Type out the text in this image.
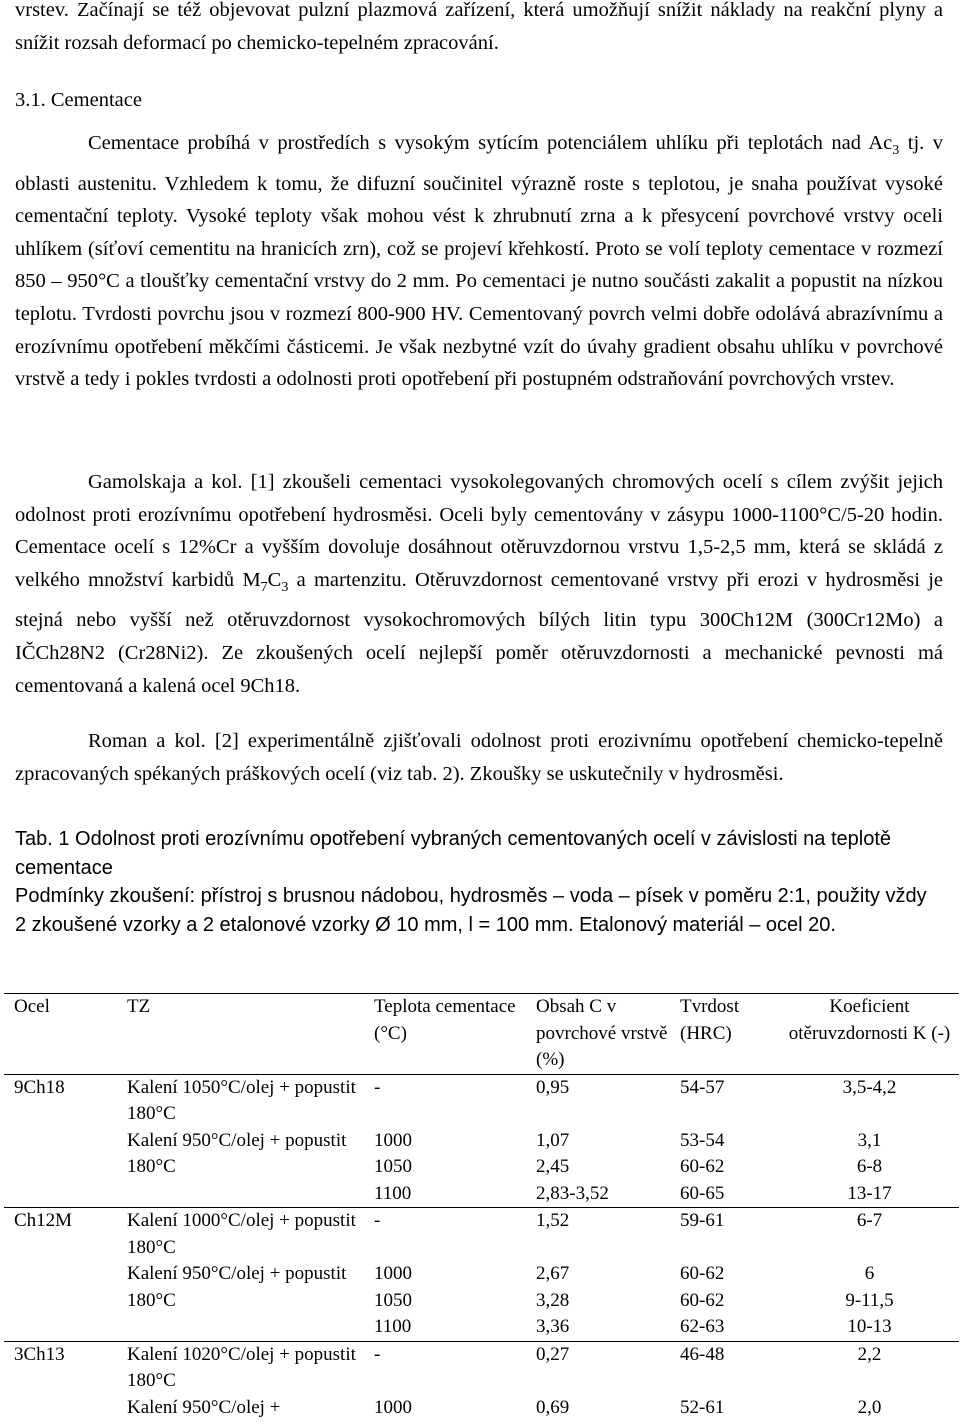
vrstev. Začínají se též objevovat pulzní plazmová zařízení, která umožňují snížit náklady na reakční plyny a snížit rozsah deformací po chemicko-tepelném zpracování.

3.1. Cementace

Cementace probíhá v prostředích s vysokým sytícím potenciálem uhlíku při teplotách nad $Ac_3$ tj. v oblasti austenitu. Vzhledem k tomu, že difuzní součinitel výrazně roste s teplotou, je snaha používat vysoké cementační teploty. Vysoké teploty však mohou vést k zhrubnutí zrna a k přesycení povrchové vrstvy oceli uhlíkem (síťoví cementitu na hranicích zrn), což se projeví křehkostí. Proto se volí teploty cementace v rozmezí 850 – 950°C a tloušťky cementační vrstvy do 2 mm. Po cementaci je nutno součásti zakalit a popustit na nízkou teplotu. Tvrdosti povrchu jsou v rozmezí 800-900 HV. Cementovaný povrch velmi dobře odolává abrazívnímu a erozívnímu opotřebení měkčími částicemi. Je však nezbytné vzít do úvahy gradient obsahu uhlíku v povrchové vrstvě a tedy i pokles tvrdosti a odolnosti proti opotřebení při postupném odstraňování povrchových vrstev.

Gamolskaja a kol. [1] zkoušeli cementaci vysokolegovaných chromových ocelí s cílem zvýšit jejich odolnost proti erozívnímu opotřebení hydrosměsi. Oceli byly cementovány v zásypu 1000-1100°C/5-20 hodin. Cementace ocelí s 12%Cr a vyšším dovoluje dosáhnout otěruvzdornou vrstvu 1,5-2,5 mm, která se skládá z velkého množství karbidů $M_7C_3$ a martenzitu. Otěruvzdornost cementované vrstvy při erozi v hydrosměsi je stejná nebo vyšší než otěruvzdornost vysokochromových bílých litin typu 300Ch12M (300Cr12Mo) a IČCh28N2 (Cr28Ni2). Ze zkoušených ocelí nejlepší poměr otěruvzdornosti a mechanické pevnosti má cementovaná a kalená ocel 9Ch18.

Roman a kol. [2] experimentálně zjišťovali odolnost proti erozivnímu opotřebení chemicko-tepelně zpracovaných spékaných práškových ocelí (viz tab. 2). Zkoušky se uskutečnily v hydrosměsi.

Tab. 1 Odolnost proti erozívnímu opotřebení vybraných cementovaných ocelí v závislosti na teplotě cementace

Podmínky zkoušení: přístroj s brusnou nádobou, hydrosměs – voda – písek v poměru 2:1, použity vždy 2 zkoušené vzorky a 2 etalonové vzorky Ø 10 mm, l = 100 mm. Etalonový materiál – ocel 20.

Ocel	TZ	Teplota cementace (°C)	Obsah C v povrchové vrstvě (%)	Tvrdost (HRC)	Koeficient otěruvzdornosti K (-)
9Ch18	Kalení 1050°C/olej + popustit 180°C	-	0,95	54-57	3,5-4,2
	Kalení 950°C/olej + popustit 180°C	1000	1,07	53-54	3,1
		1050	2,45	60-62	6-8
		1100	2,83-3,52	60-65	13-17
Ch12M	Kalení 1000°C/olej + popustit 180°C	-	1,52	59-61	6-7
	Kalení 950°C/olej + popustit 180°C	1000	2,67	60-62	6
		1050	3,28	60-62	9-11,5
		1100	3,36	62-63	10-13
3Ch13	Kalení 1020°C/olej + popustit 180°C	-	0,27	46-48	2,2
	Kalení 950°C/olej +	1000	0,69	52-61	2,0
